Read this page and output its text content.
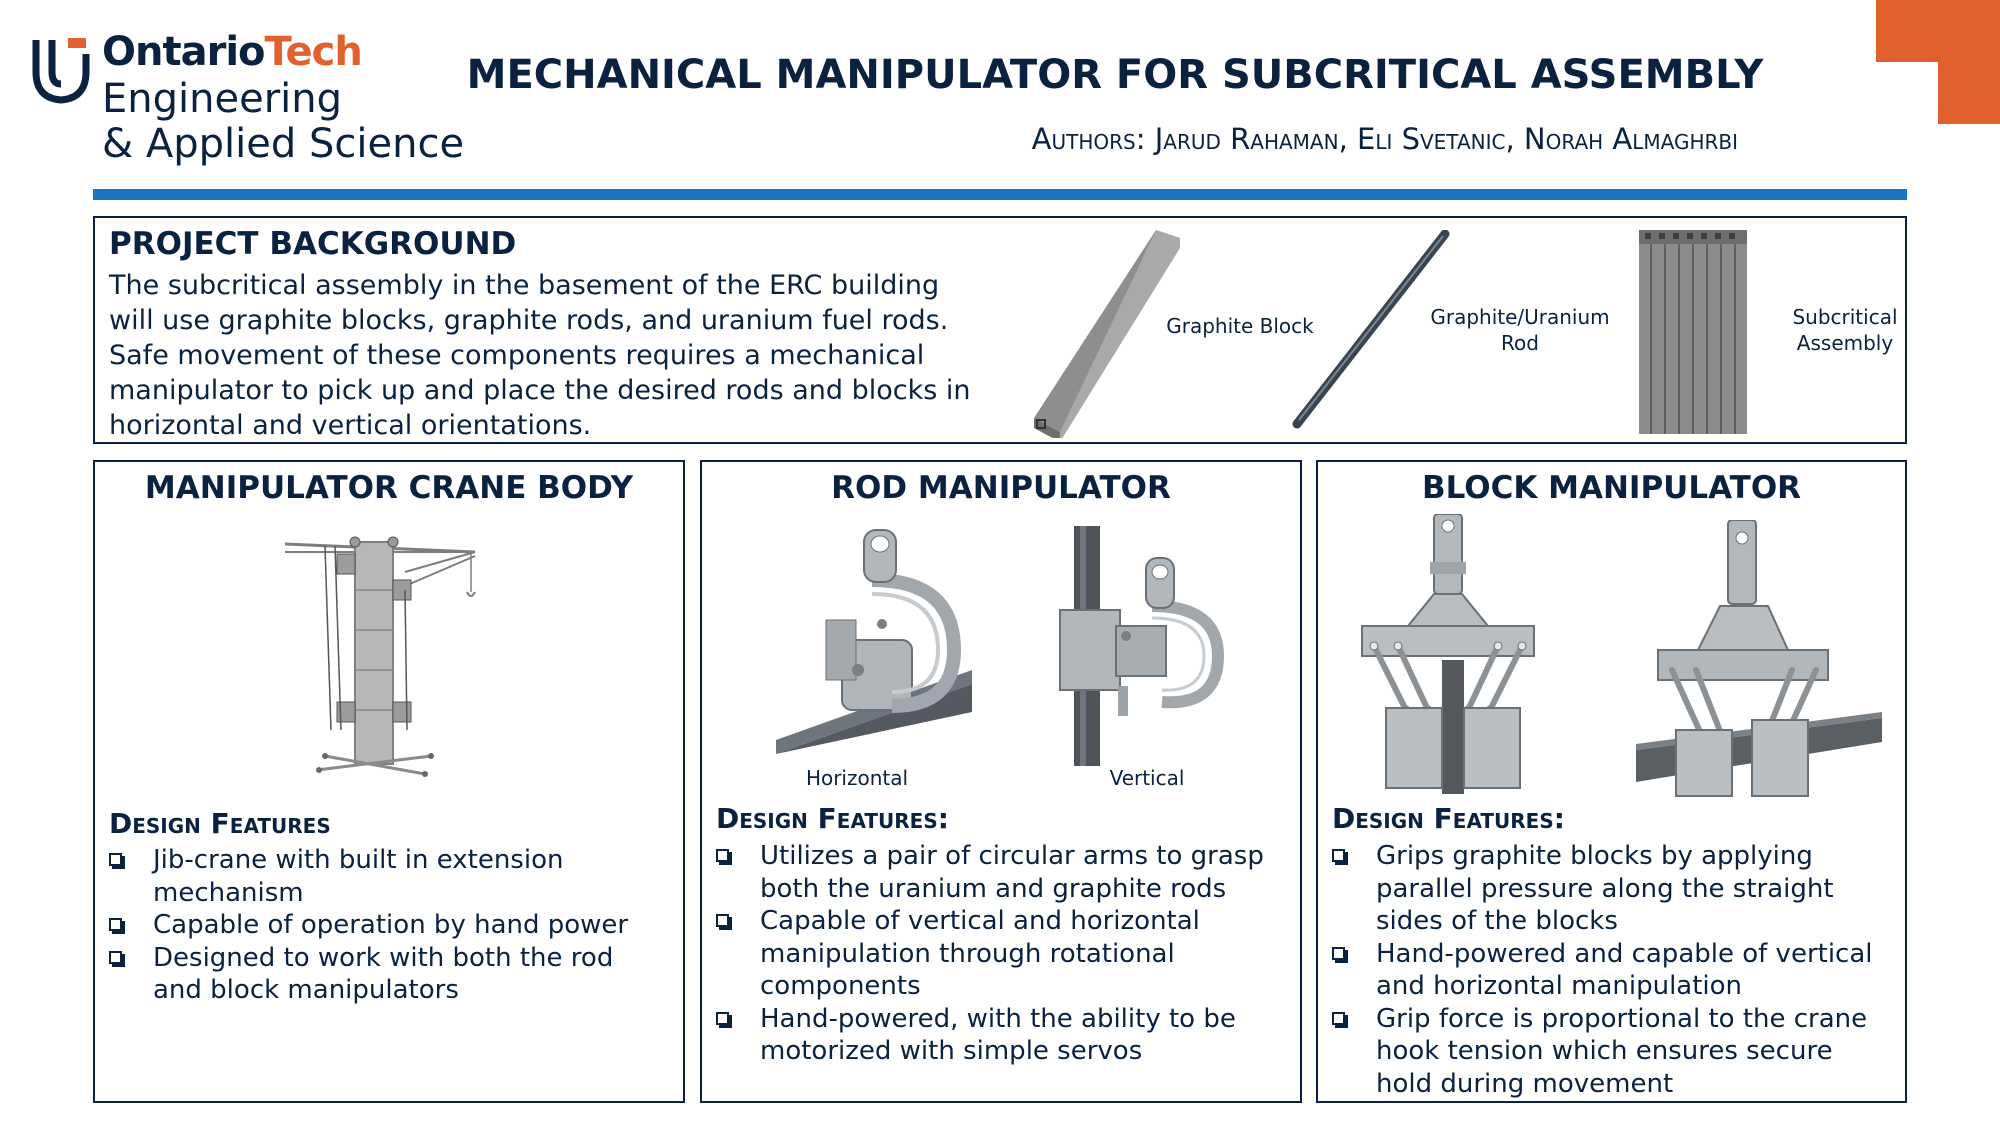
OntarioTech
Engineering
& Applied Science
MECHANICAL MANIPULATOR FOR SUBCRITICAL ASSEMBLY
Authors: Jarud Rahaman, Eli Svetanic, Norah Almaghrbi
PROJECT BACKGROUND
The subcritical assembly in the basement of the ERC building will use graphite blocks, graphite rods, and uranium fuel rods. Safe movement of these components requires a mechanical manipulator to pick up and place the desired rods and blocks in horizontal and vertical orientations.
Graphite Block	Graphite/Uranium Rod
Subcritical Assembly
MANIPULATOR CRANE BODY
Design Features
Jib-crane with built in extension mechanism
Capable of operation by hand power
Designed to work with both the rod and block manipulators
ROD MANIPULATOR
Horizontal	Vertical
Design Features:
Utilizes a pair of circular arms to grasp both the uranium and graphite rods
Capable of vertical and horizontal manipulation through rotational components
Hand-powered, with the ability to be motorized with simple servos
BLOCK MANIPULATOR
Design Features:
Grips graphite blocks by applying parallel pressure along the straight sides of the blocks
Hand-powered and capable of vertical and horizontal manipulation
Grip force is proportional to the crane hook tension which ensures secure hold during movement
